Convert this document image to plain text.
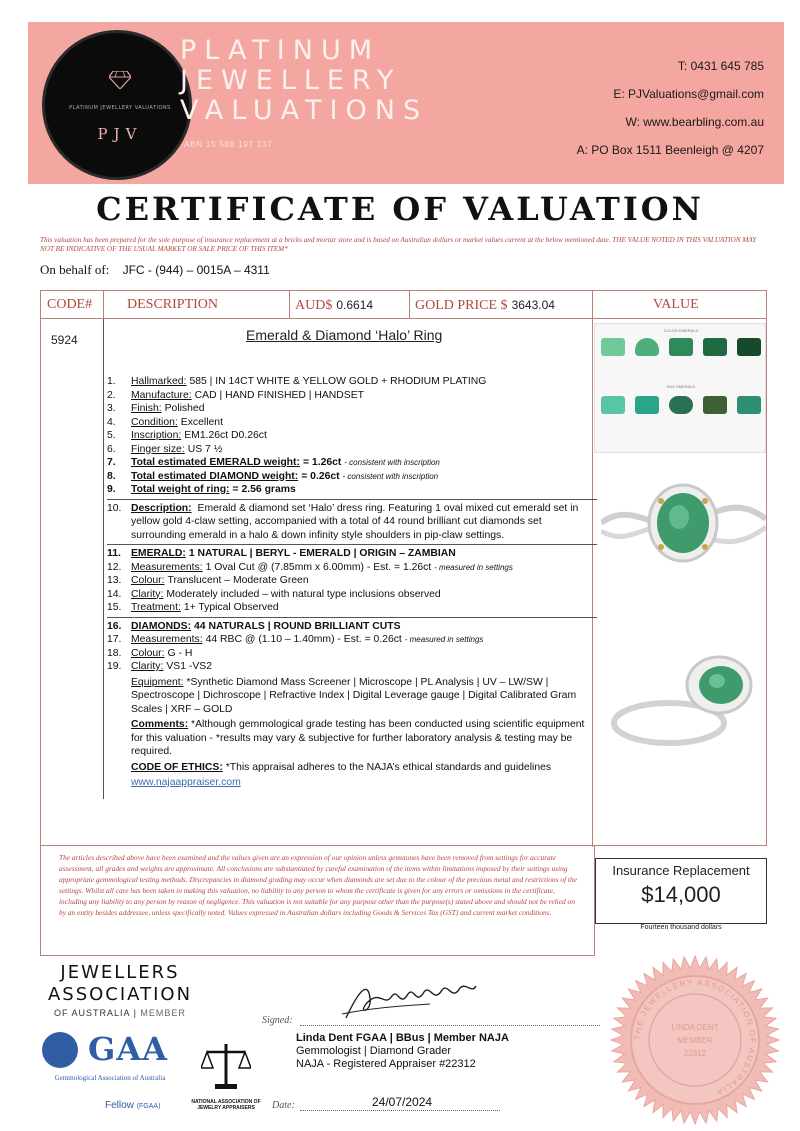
PLATINUM JEWELLERY VALUATIONS
PJV
PLATINUM
JEWELLERY
VALUATIONS
ABN 15 588 197 137
T: 0431 645 785
E: PJValuations@gmail.com
W: www.bearbling.com.au
A: PO Box 1511 Beenleigh @ 4207
CERTIFICATE OF VALUATION
This valuation has been prepared for the sole purpose of insurance replacement at a bricks and mortar store and is based on Australian dollars or market values current at the below mentioned date. THE VALUE NOTED IN THIS VALUATION MAY NOT BE INDICATIVE OF THE USUAL MARKET OR SALE PRICE OF THIS ITEM*
On behalf of: JFC - (944) – 0015A – 4311
CODE# DESCRIPTION	AUD$ 0.6614	GOLD PRICE $ 3643.04	VALUE
5924	Emerald & Diamond ‘Halo’ Ring
1.	Hallmarked: 585 | IN 14CT WHITE & YELLOW GOLD + RHODIUM PLATING
2.	Manufacture: CAD | HAND FINISHED | HANDSET
3.	Finish: Polished
4.	Condition: Excellent
5.	Inscription: EM1.26ct D0.26ct
6.	Finger size: US 7 ½
7.	Total estimated EMERALD weight: = 1.26ct
- consistent with inscription
8.	Total estimated DIAMOND weight: = 0.26ct
- consistent with inscription
9.	Total weight of ring: = 2.56 grams
10. Description: Emerald & diamond set ‘Halo’ dress ring. Featuring 1 oval mixed cut emerald set in yellow gold 4-claw setting, accompanied with a total of 44 round brilliant cut diamonds set surrounding emerald in a halo & down infinity style shoulders in pip-claw settings.
11. EMERALD: 1 NATURAL | BERYL - EMERALD | ORIGIN – ZAMBIAN
12. Measurements: 1 Oval Cut @ (7.85mm x 6.00mm) - Est. = 1.26ct
- measured in settings
13. Colour: Translucent – Moderate Green
14. Clarity: Moderately included – with natural type inclusions observed
15. Treatment: 1+ Typical Observed
16. DIAMONDS: 44 NATURALS | ROUND BRILLIANT CUTS
17. Measurements: 44 RBC @ (1.10 – 1.40mm) - Est. = 0.26ct
- measured in settings
18. Colour: G - H
19. Clarity: VS1 -VS2
Equipment: *Synthetic Diamond Mass Screener | Microscope | PL Analysis | UV – LW/SW | Spectroscope | Dichroscope | Refractive Index | Digital Leverage gauge | Digital Calibrated Gram Scales | XRF – GOLD
Comments: *Although gemmological grade testing has been conducted using scientific equipment for this valuation - *results may vary & subjective for further laboratory analysis & testing may be required.
CODE OF ETHICS: *This appraisal adheres to the NAJA’s ethical standards and guidelines
www.najaappraiser.com
COLOR EMERALD
HUE EMERALD
The articles described above have been examined and the values given are an expression of our opinion unless gemstones have been removed from settings for accurate assessment, all grades and weights are approximate. All conclusions are substantiated by careful examination of the items within limitations imposed by their settings using appropriate gemmological testing methods. Discrepancies in diamond grading may occur when diamonds are set due to the colour of the precious metal and restrictions of the settings. Whilst all care has been taken in making this valuation, no liability to any person to whom the certificate is given for any errors or omissions in the certificate, including any liability to any person by reason of negligence. This valuation is not suitable for any purpose other than the purpose(s) stated above and should not be relied on by an entity besides addressee, unless specifically noted. Values expressed in Australian dollars including Goods & Services Tax (GST) and current market conditions.
Insurance Replacement
$14,000
Fourteen thousand dollars
JEWELLERS
ASSOCIATION
OF AUSTRALIA | MEMBER
GAA
Gemmological Association of Australia
Fellow (FGAA)
NATIONAL ASSOCIATION OF JEWELRY APPRAISERS
Signed:
Linda Dent FGAA | BBus | Member NAJA
Gemmologist | Diamond Grader
NAJA - Registered Appraiser #22312
Date:	24/07/2024
THE JEWELLERY ASSOCIATION OF AUSTRALIA
LINDA DENT
MEMBER
22312
